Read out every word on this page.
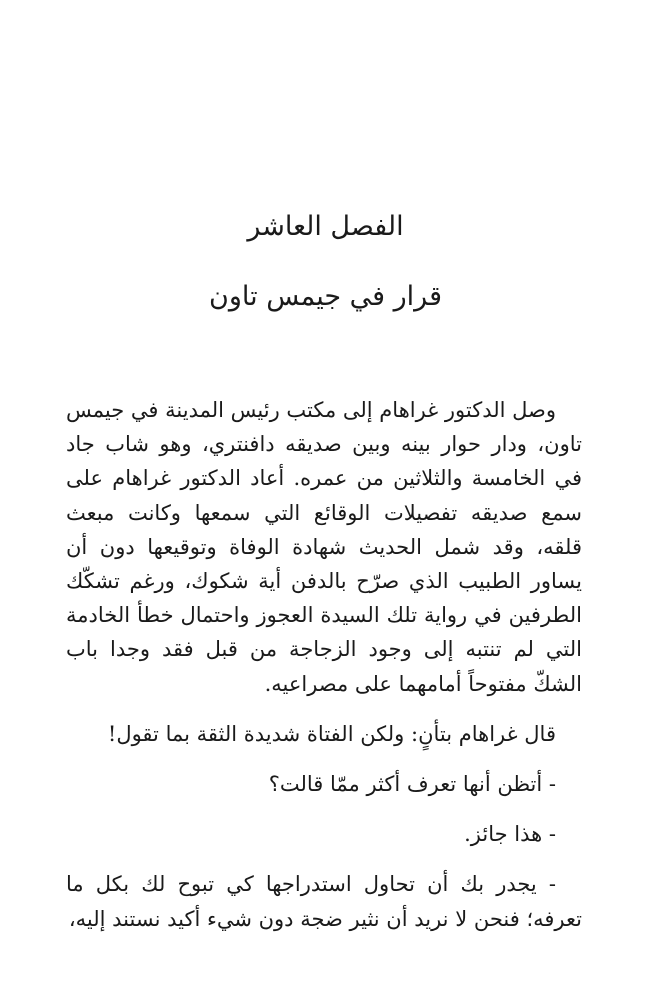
الفصل العاشر
قرار في جيمس تاون

وصل الدكتور غراهام إلى مكتب رئيس المدينة في جيمس تاون، ودار حوار بينه وبين صديقه دافنتري، وهو شاب جاد في الخامسة والثلاثين من عمره. أعاد الدكتور غراهام على سمع صديقه تفصيلات الوقائع التي سمعها وكانت مبعث قلقه، وقد شمل الحديث شهادة الوفاة وتوقيعها دون أن يساور الطبيب الذي صرّح بالدفن أية شكوك، ورغم تشكّك الطرفين في رواية تلك السيدة العجوز واحتمال خطأ الخادمة التي لم تنتبه إلى وجود الزجاجة من قبل فقد وجدا باب الشكّ مفتوحاً أمامهما على مصراعيه.

قال غراهام بتأنٍ: ولكن الفتاة شديدة الثقة بما تقول!

- أتظن أنها تعرف أكثر ممّا قالت؟

- هذا جائز.

- يجدر بك أن تحاول استدراجها كي تبوح لك بكل ما تعرفه؛ فنحن لا نريد أن نثير ضجة دون شيء أكيد نستند إليه،
